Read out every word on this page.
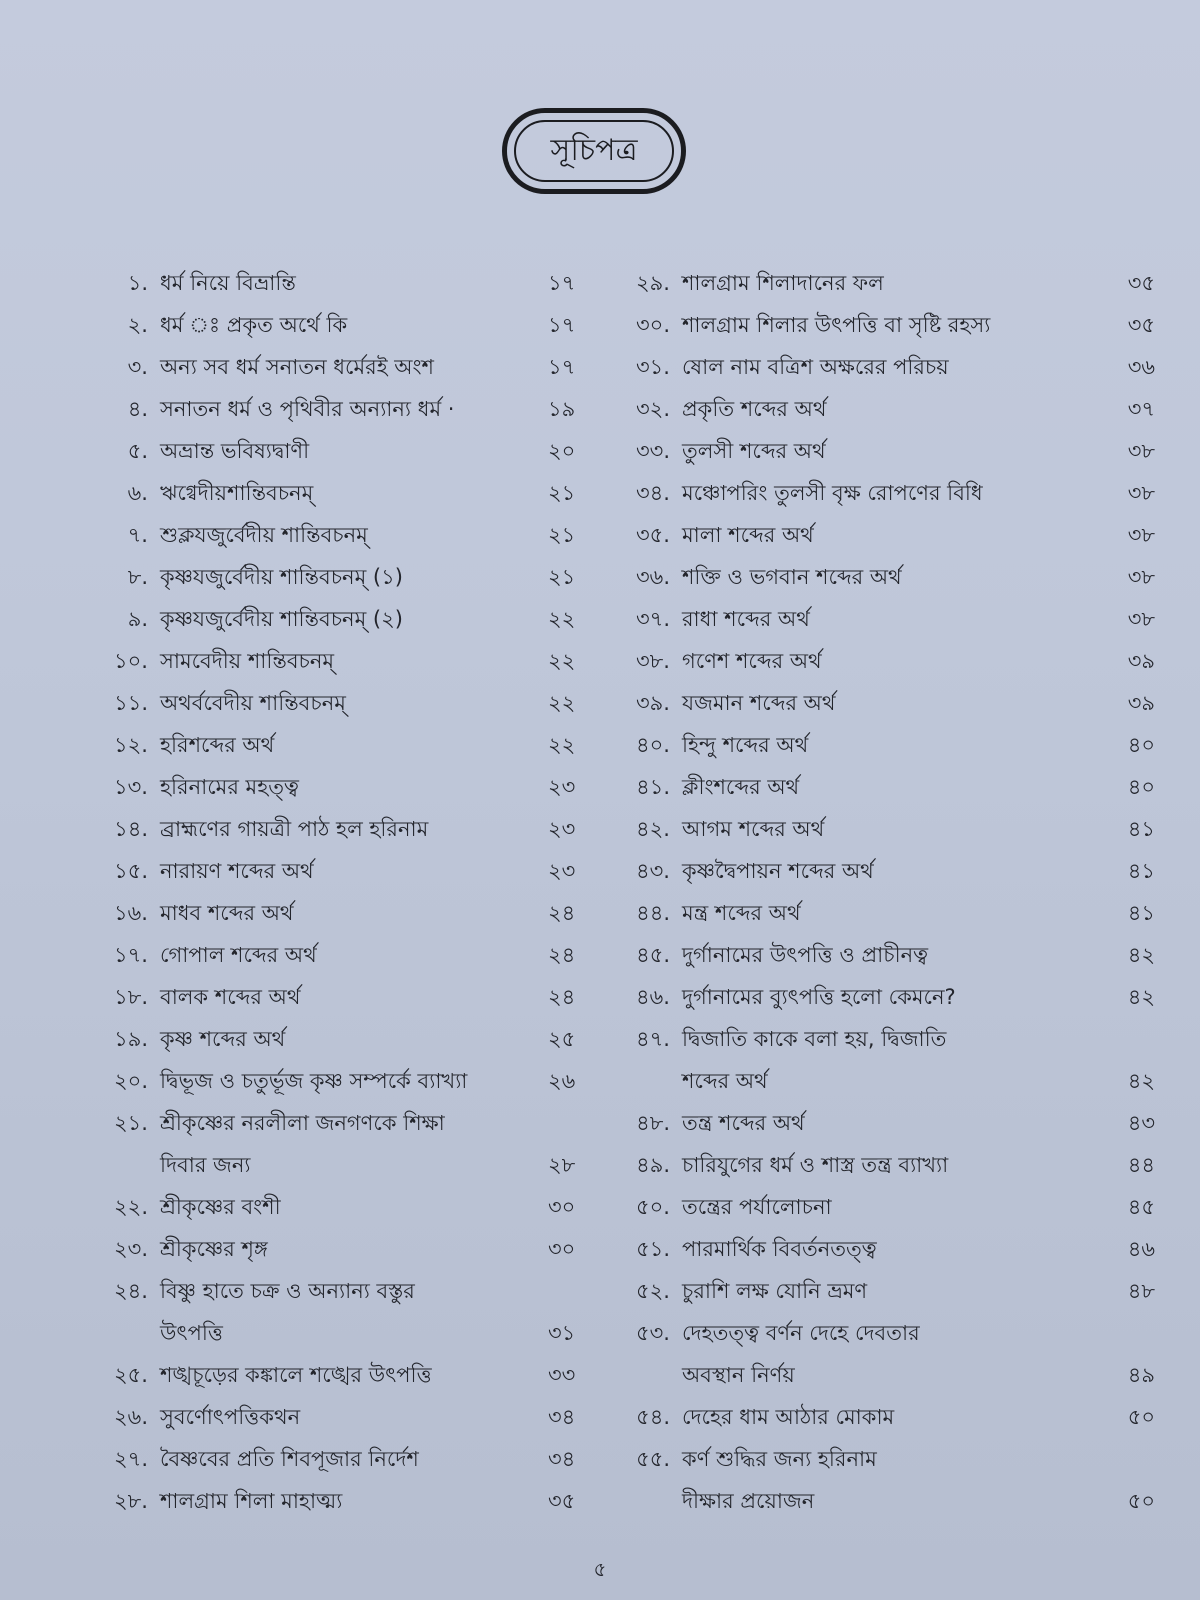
সূচিপত্র
১. ধর্ম নিয়ে বিভ্রান্তি	১৭
২. ধর্ম ঃ প্রকৃত অর্থে কি	১৭
৩. অন্য সব ধর্ম সনাতন ধর্মেরই অংশ	১৭
৪. সনাতন ধর্ম ও পৃথিবীর অন্যান্য ধর্ম ·	১৯
৫. অভ্রান্ত ভবিষ্যদ্বাণী	২০
৬. ঋগ্বেদীয়শান্তিবচনম্	২১
৭. শুক্লযজুর্বেদীয় শান্তিবচনম্	২১
৮. কৃষ্ণযজুর্বেদীয় শান্তিবচনম্ (১)	২১
৯. কৃষ্ণযজুর্বেদীয় শান্তিবচনম্ (২)	২২
১০. সামবেদীয় শান্তিবচনম্	২২
১১. অথর্ববেদীয় শান্তিবচনম্	২২
১২. হরিশব্দের অর্থ	২২
১৩. হরিনামের মহত্ত্ব	২৩
১৪. ব্রাহ্মণের গায়ত্রী পাঠ হল হরিনাম	২৩
১৫. নারায়ণ শব্দের অর্থ	২৩
১৬. মাধব শব্দের অর্থ	২৪
১৭. গোপাল শব্দের অর্থ	২৪
১৮. বালক শব্দের অর্থ	২৪
১৯. কৃষ্ণ শব্দের অর্থ	২৫
২০. দ্বিভূজ ও চতুর্ভূজ কৃষ্ণ সম্পর্কে ব্যাখ্যা	২৬
২১. শ্রীকৃষ্ণের নরলীলা জনগণকে শিক্ষা
দিবার জন্য	২৮
২২. শ্রীকৃষ্ণের বংশী	৩০
২৩. শ্রীকৃষ্ণের শৃঙ্গ	৩০
২৪. বিষ্ণু হাতে চক্র ও অন্যান্য বস্তুর
উৎপত্তি	৩১
২৫. শঙ্খচূড়ের কঙ্কালে শঙ্খের উৎপত্তি	৩৩
২৬. সুবর্ণোৎপত্তিকথন	৩৪
২৭. বৈষ্ণবের প্রতি শিবপূজার নির্দেশ	৩৪
২৮. শালগ্রাম শিলা মাহাত্ম্য	৩৫
২৯. শালগ্রাম শিলাদানের ফল	৩৫
৩০. শালগ্রাম শিলার উৎপত্তি বা সৃষ্টি রহস্য	৩৫
৩১. ষোল নাম বত্রিশ অক্ষরের পরিচয়	৩৬
৩২. প্রকৃতি শব্দের অর্থ	৩৭
৩৩. তুলসী শব্দের অর্থ	৩৮
৩৪. মঞ্চোপরিং তুলসী বৃক্ষ রোপণের বিধি	৩৮
৩৫. মালা শব্দের অর্থ	৩৮
৩৬. শক্তি ও ভগবান শব্দের অর্থ	৩৮
৩৭. রাধা শব্দের অর্থ	৩৮
৩৮. গণেশ শব্দের অর্থ	৩৯
৩৯. যজমান শব্দের অর্থ	৩৯
৪০. হিন্দু শব্দের অর্থ	৪০
৪১. ক্লীংশব্দের অর্থ	৪০
৪২. আগম শব্দের অর্থ	৪১
৪৩. কৃষ্ণদ্বৈপায়ন শব্দের অর্থ	৪১
৪৪. মন্ত্র শব্দের অর্থ	৪১
৪৫. দুর্গানামের উৎপত্তি ও প্রাচীনত্ব	৪২
৪৬. দুর্গানামের ব্যুৎপত্তি হলো কেমনে?	৪২
৪৭. দ্বিজাতি কাকে বলা হয়, দ্বিজাতি
শব্দের অর্থ	৪২
৪৮. তন্ত্র শব্দের অর্থ	৪৩
৪৯. চারিযুগের ধর্ম ও শাস্ত্র তন্ত্র ব্যাখ্যা	৪৪
৫০. তন্ত্রের পর্যালোচনা	৪৫
৫১. পারমার্থিক বিবর্তনতত্ত্ব	৪৬
৫২. চুরাশি লক্ষ যোনি ভ্রমণ	৪৮
৫৩. দেহতত্ত্ব বর্ণন দেহে দেবতার
অবস্থান নির্ণয়	৪৯
৫৪. দেহের ধাম আঠার মোকাম	৫০
৫৫. কর্ণ শুদ্ধির জন্য হরিনাম
দীক্ষার প্রয়োজন	৫০
৫
